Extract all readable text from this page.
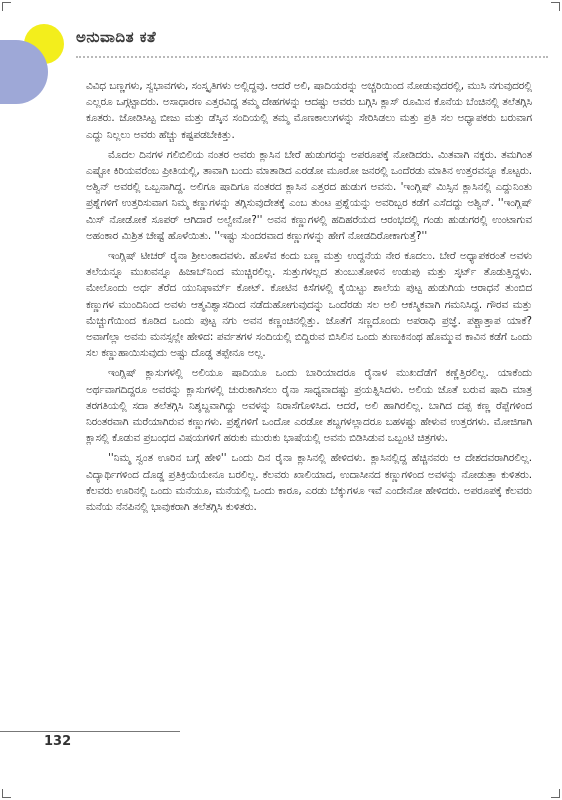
ಅನುವಾದಿತ ಕತೆ

ವಿವಿಧ ಬಣ್ಣಗಳು, ಸ್ವಭಾವಗಳು, ಸಂಸ್ಕೃತಿಗಳು ಅಲ್ಲಿದ್ದವು. ಆದರೆ ಅಲಿ, ಷಾದಿಯರನ್ನು ಅಚ್ಚರಿಯಿಂದ ನೋಡುವುದರಲ್ಲಿ, ಮುಸಿ ನಗುವುದರಲ್ಲಿ ಎಲ್ಲರೂ ಒಗ್ಗಟ್ಟಾದರು. ಅಸಾಧಾರಣ ಎತ್ತರವಿದ್ದ ತಮ್ಮ ದೇಹಗಳನ್ನು ಆದಷ್ಟು ಅವರು ಬಗ್ಗಿಸಿ ಕ್ಲಾಸ್ ರೂಮಿನ ಕೊನೆಯ ಬೆಂಚಿನಲ್ಲಿ ತಲೆತಗ್ಗಿಸಿ ಕೂತರು. ಜೋಡಿಸಿಟ್ಟ ಬೀಜು ಮತ್ತು ಡೆಸ್ಕಿನ ಸಂದಿಯಲ್ಲಿ ತಮ್ಮ ಮೊಣಕಾಲುಗಳನ್ನು ಸೇರಿಸಿಡಲು ಮತ್ತು ಪ್ರತಿ ಸಲ ಅಧ್ಯಾಪಕರು ಬರುವಾಗ ಎದ್ದು ನಿಲ್ಲಲು ಅವರು ಹೆಚ್ಚು ಕಷ್ಟಪಡಬೇಕಿತ್ತು.

ಮೊದಲ ದಿನಗಳ ಗಲಿಬಿಲಿಯ ನಂತರ ಅವರು ಕ್ಲಾಸಿನ ಬೇರೆ ಹುಡುಗರನ್ನು ಅಪರೂಪಕ್ಕೆ ನೋಡಿದರು. ಮಿತವಾಗಿ ನಕ್ಕರು. ತಮಗಿಂತ ಎಷ್ಟೋ ಕಿರಿಯವರೆಂಬ ಪ್ರೀತಿಯಲ್ಲಿ, ತಾವಾಗಿ ಬಂದು ಮಾತಾಡಿದ ಎರಡೋ ಮೂರೋ ಜನರಲ್ಲಿ ಒಂದೆರಡು ಮಾತಿನ ಉತ್ತರವನ್ನೂ ಕೊಟ್ಟರು. ಅಶ್ವಿನ್ ಅವರಲ್ಲಿ ಒಬ್ಬನಾಗಿದ್ದ. ಅಲಿಗೂ ಷಾದಿಗೂ ನಂತರದ ಕ್ಲಾಸಿನ ಎತ್ತರದ ಹುಡುಗ ಅವನು. 'ಇಂಗ್ಲಿಷ್ ಮಿಸ್ಸಿನ ಕ್ಲಾಸಿನಲ್ಲಿ ಎದ್ದುನಿಂತು ಪ್ರಶ್ನೆಗಳಿಗೆ ಉತ್ತರಿಸುವಾಗ ನಿಮ್ಮ ಕಣ್ಣುಗಳನ್ನು ತಗ್ಗಿಸುವುದೇತಕ್ಕೆ ಎಂಬ ತುಂಟ ಪ್ರಶ್ನೆಯನ್ನು ಅವರಿಬ್ಬರ ಕಡೆಗೆ ಎಸೆದದ್ದು ಅಶ್ವಿನ್. ''ಇಂಗ್ಲಿಷ್ ಮಿಸ್ ನೋಡೋಕೆ ಸೂಪರ್ ಆಗಿದಾರೆ ಅಲ್ವೇನೋ?'' ಅವನ ಕಣ್ಣುಗಳಲ್ಲಿ ಹದಿಹರೆಯದ ಆರಂಭದಲ್ಲಿ ಗಂಡು ಹುಡುಗರಲ್ಲಿ ಉಂಟಾಗುವ ಅಹಂಕಾರ ಮಿಶ್ರಿತ ಚೇಷ್ಟೆ ಹೊಳೆಯಿತು. ''ಇಷ್ಟು ಸುಂದರವಾದ ಕಣ್ಣುಗಳನ್ನು ಹೇಗೆ ನೋಡದಿರೋಕಾಗುತ್ತೆ?''

ಇಂಗ್ಲಿಷ್ ಟೀಚರ್ ರೈನಾ ಶ್ರೀಲಂಕಾದವಳು. ಹೊಳೆವ ಕಂದು ಬಣ್ಣ ಮತ್ತು ಉದ್ದನೆಯ ನೇರ ಕೂದಲು. ಬೇರೆ ಅಧ್ಯಾಪಕರಂತೆ ಅವಳು ತಲೆಯನ್ನೂ ಮುಖವನ್ನೂ ಹಿಜಾಬ್‌ನಿಂದ ಮುಚ್ಚಿರಲಿಲ್ಲ. ಸುತ್ತುಗಳಲ್ಲದ ತುಂಬುತೋಳಿನ ಉಡುಪು ಮತ್ತು ಸ್ಕರ್ಟ್ ತೊಡುತ್ತಿದ್ದಳು. ಮೇಲೊಂದು ಅರ್ಧ ತೆರೆದ ಯುನಿಫಾರ್ಮ್ ಕೋಟ್. ಕೋಟಿನ ಕಿಸೆಗಳಲ್ಲಿ ಕೈಯಿಟ್ಟು ಶಾಲೆಯ ಪುಟ್ಟ ಹುಡುಗಿಯ ಆರಾಧನೆ ತುಂಬಿದ ಕಣ್ಣುಗಳ ಮುಂದಿನಿಂದ ಅವಳು ಆತ್ಮವಿಶ್ವಾಸದಿಂದ ನಡೆದುಹೋಗುವುದನ್ನು ಒಂದೆರಡು ಸಲ ಅಲಿ ಆಕಸ್ಮಿಕವಾಗಿ ಗಮನಿಸಿದ್ದ. ಗೌರವ ಮತ್ತು ಮೆಚ್ಚುಗೆಯಿಂದ ಕೂಡಿದ ಒಂದು ಪುಟ್ಟ ನಗು ಅವನ ಕಣ್ಣಂಚಿನಲ್ಲಿತ್ತು. ಜೊತೆಗೆ ಸಣ್ಣದೊಂದು ಅಪರಾಧಿ ಪ್ರಜ್ಞೆ. ಪಶ್ಚಾತ್ತಾಪ ಯಾಕೆ? ಅವಾಗೆಲ್ಲಾ ಅವನು ಮನಸ್ಸಲ್ಲೇ ಹೇಳಿದ: ಪರ್ವತಗಳ ಸಂದಿಯಲ್ಲಿ ಬಿದ್ದಿರುವ ಬಿಸಿಲಿನ ಒಂದು ತುಣುಕಿನಂಥ ಹೊಮ್ಮುವ ಕಾವಿನ ಕಡೆಗೆ ಒಂದು ಸಲ ಕಣ್ಣುಹಾಯಿಸುವುದು ಅಷ್ಟು ದೊಡ್ಡ ತಪ್ಪೇನೂ ಅಲ್ಲ.

ಇಂಗ್ಲಿಷ್ ಕ್ಲಾಸುಗಳಲ್ಲಿ ಅಲಿಯೂ ಷಾದಿಯೂ ಒಂದು ಬಾರಿಯಾದರೂ ರೈನಾಳ ಮುಖದೆಡೆಗೆ ಕಣ್ಣೆತ್ತಿರಲಿಲ್ಲ. ಯಾಕೆಂದು ಅರ್ಥವಾಗದಿದ್ದರೂ ಅವರನ್ನು ಕ್ಲಾಸುಗಳಲ್ಲಿ ಚುರುಕಾಗಿಸಲು ರೈನಾ ಸಾಧ್ಯವಾದಷ್ಟು ಪ್ರಯತ್ನಿಸಿದಳು. ಅಲಿಯ ಜೊತೆ ಬರುವ ಷಾದಿ ಮಾತ್ರ ತರಗತಿಯಲ್ಲಿ ಸದಾ ತಲೆತಗ್ಗಿಸಿ ನಿಶ್ಶಬ್ದವಾಗಿದ್ದು ಅವಳನ್ನು ನಿರಾಸೆಗೊಳಿಸಿದ. ಆದರೆ, ಅಲಿ ಹಾಗಿರಲಿಲ್ಲ. ಬಾಗಿದ ದಪ್ಪ ಕಣ್ಣ ರೆಪ್ಪೆಗಳಿಂದ ನಿರಂತರವಾಗಿ ಮರೆಯಾಗಿರುವ ಕಣ್ಣುಗಳು. ಪ್ರಶ್ನೆಗಳಿಗೆ ಒಂದೋ ಎರಡೋ ಶಬ್ದಗಳಲ್ಲಾದರೂ ಬಹಳಷ್ಟು ಹೇಳುವ ಉತ್ತರಗಳು. ಮೋಜಿಗಾಗಿ ಕ್ಲಾಸಲ್ಲಿ ಕೊಡುವ ಪ್ರಬಂಧದ ವಿಷಯಗಳಿಗೆ ಹರುಕು ಮುರುಕು ಭಾಷೆಯಲ್ಲಿ ಅವನು ಬಿಡಿಸಿಡುವ ಒಬ್ಬಂಟಿ ಚಿತ್ರಗಳು.

''ನಿಮ್ಮ ಸ್ವಂತ ಊರಿನ ಬಗ್ಗೆ ಹೇಳಿ'' ಒಂದು ದಿನ ರೈನಾ ಕ್ಲಾಸಿನಲ್ಲಿ ಹೇಳಿದಳು. ಕ್ಲಾಸಿನಲ್ಲಿದ್ದ ಹೆಚ್ಚಿನವರು ಆ ದೇಶದವರಾಗಿರಲಿಲ್ಲ. ವಿದ್ಯಾರ್ಥಿಗಳಿಂದ ದೊಡ್ಡ ಪ್ರತಿಕ್ರಿಯೆಯೇನೂ ಬರಲಿಲ್ಲ. ಕೆಲವರು ಖಾಲಿಯಾದ, ಉದಾಸೀನದ ಕಣ್ಣುಗಳಿಂದ ಅವಳನ್ನು ನೋಡುತ್ತಾ ಕುಳಿತರು. ಕೆಲವರು ಊರಿನಲ್ಲಿ ಒಂದು ಮನೆಯೂ, ಮನೆಯಲ್ಲಿ ಒಂದು ಕಾರೂ, ಎರಡು ಬೆಕ್ಕುಗಳೂ ಇವೆ ಎಂದೇನೋ ಹೇಳಿದರು. ಅಪರೂಪಕ್ಕೆ ಕೆಲವರು ಮನೆಯ ನೆನಪಿನಲ್ಲಿ ಭಾವುಕರಾಗಿ ತಲೆತಗ್ಗಿಸಿ ಕುಳಿತರು.

132
